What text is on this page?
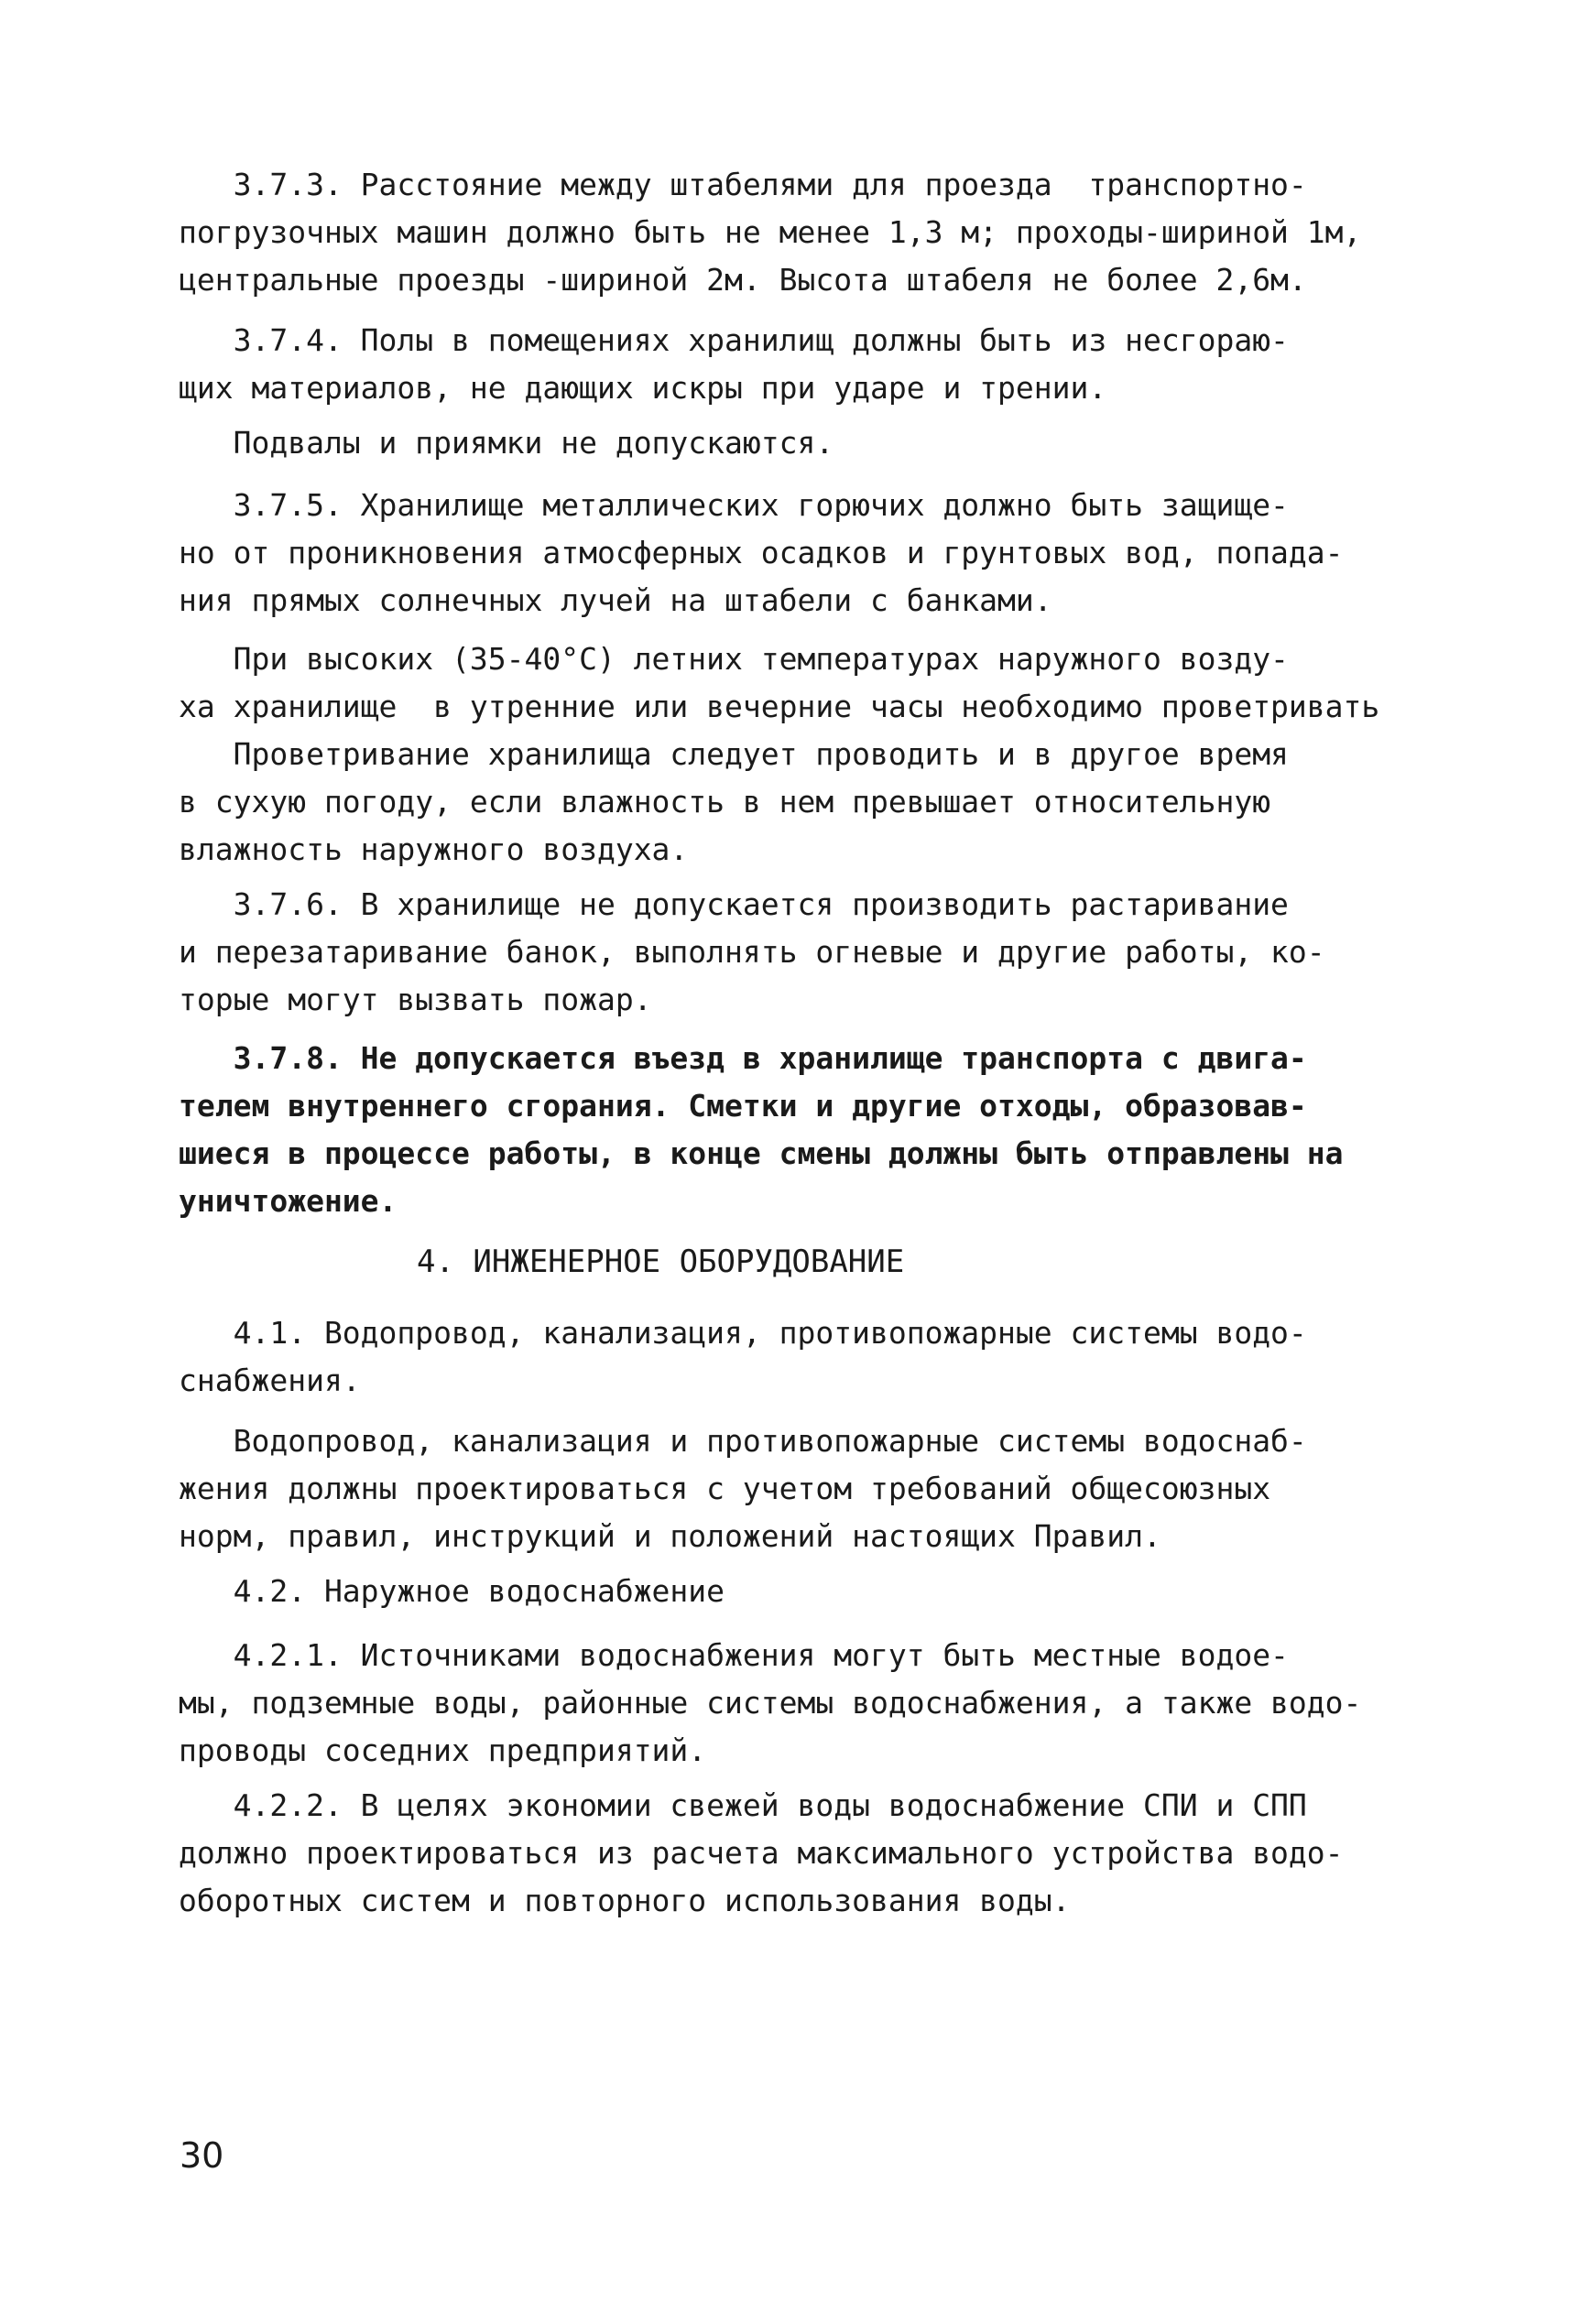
3.7.3. Расстояние между штабелями для проезда  транспортно-
погрузочных машин должно быть не менее 1,3 м; проходы-шириной 1м,
центральные проезды -шириной 2м. Высота штабеля не более 2,6м.
3.7.4. Полы в помещениях хранилищ должны быть из несгораю-
щих материалов, не дающих искры при ударе и трении.
Подвалы и приямки не допускаются.
3.7.5. Хранилище металлических горючих должно быть защище-
но от проникновения атмосферных осадков и грунтовых вод, попада-
ния прямых солнечных лучей на штабели с банками.
При высоких (35-40°С) летних температурах наружного возду-
ха хранилище  в утренние или вечерние часы необходимо проветривать
Проветривание хранилища следует проводить и в другое время
в сухую погоду, если влажность в нем превышает относительную
влажность наружного воздуха.
3.7.6. В хранилище не допускается производить растаривание
и перезатаривание банок, выполнять огневые и другие работы, ко-
торые могут вызвать пожар.
3.7.8. Не допускается въезд в хранилище транспорта с двига-
телем внутреннего сгорания. Сметки и другие отходы, образовав-
шиеся в процессе работы, в конце смены должны быть отправлены на
уничтожение.
4. ИНЖЕНЕРНОЕ ОБОРУДОВАНИЕ
4.1. Водопровод, канализация, противопожарные системы водо-
снабжения.
Водопровод, канализация и противопожарные системы водоснаб-
жения должны проектироваться с учетом требований общесоюзных
норм, правил, инструкций и положений настоящих Правил.
4.2. Наружное водоснабжение
4.2.1. Источниками водоснабжения могут быть местные водое-
мы, подземные воды, районные системы водоснабжения, а также водо-
проводы соседних предприятий.
4.2.2. В целях экономии свежей воды водоснабжение СПИ и СПП
должно проектироваться из расчета максимального устройства водо-
оборотных систем и повторного использования воды.
30
